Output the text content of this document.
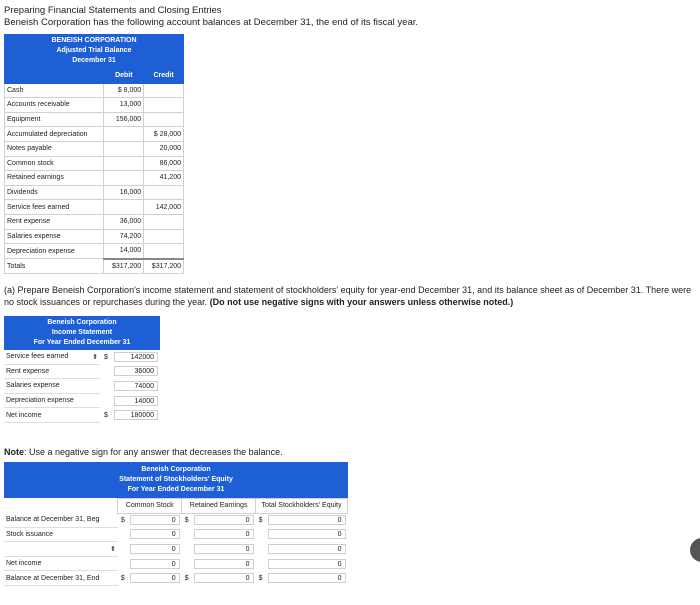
Preparing Financial Statements and Closing Entries
Beneish Corporation has the following account balances at December 31, the end of its fiscal year.
BENEISH CORPORATION
Adjusted Trial Balance
December 31
	Debit	Credit
Cash	$ 8,000	
Accounts receivable	13,000	
Equipment	156,000	
Accumulated depreciation		$ 28,000
Notes payable		20,000
Common stock		86,000
Retained earnings		41,200
Dividends	16,000	
Service fees earned		142,000
Rent expense	36,000	
Salaries expense	74,200	
Depreciation expense	14,000	
Totals	$317,200	$317,200
(a) Prepare Beneish Corporation's income statement and statement of stockholders' equity for year-end December 31, and its balance sheet as of December 31. There were no stock issuances or repurchases during the year. (Do not use negative signs with your answers unless otherwise noted.)
Beneish Corporation
Income Statement
For Year Ended December 31
Service fees earned ⬍	$	142000
Rent expense		36000
Salaries expense		74000
Depreciation expense		14000
Net income	$	180000
Note: Use a negative sign for any answer that decreases the balance.
Beneish Corporation
Statement of Stockholders' Equity
For Year Ended December 31
	Common Stock		Retained Earnings		Total Stockholders' Equity	
Balance at December 31, Beg	$	0	$	0	$	0
Stock issuance		0		0		0

⬍		0		0		0
Net income		0		0		0
Balance at December 31, End	$	0	$	0	$	0
